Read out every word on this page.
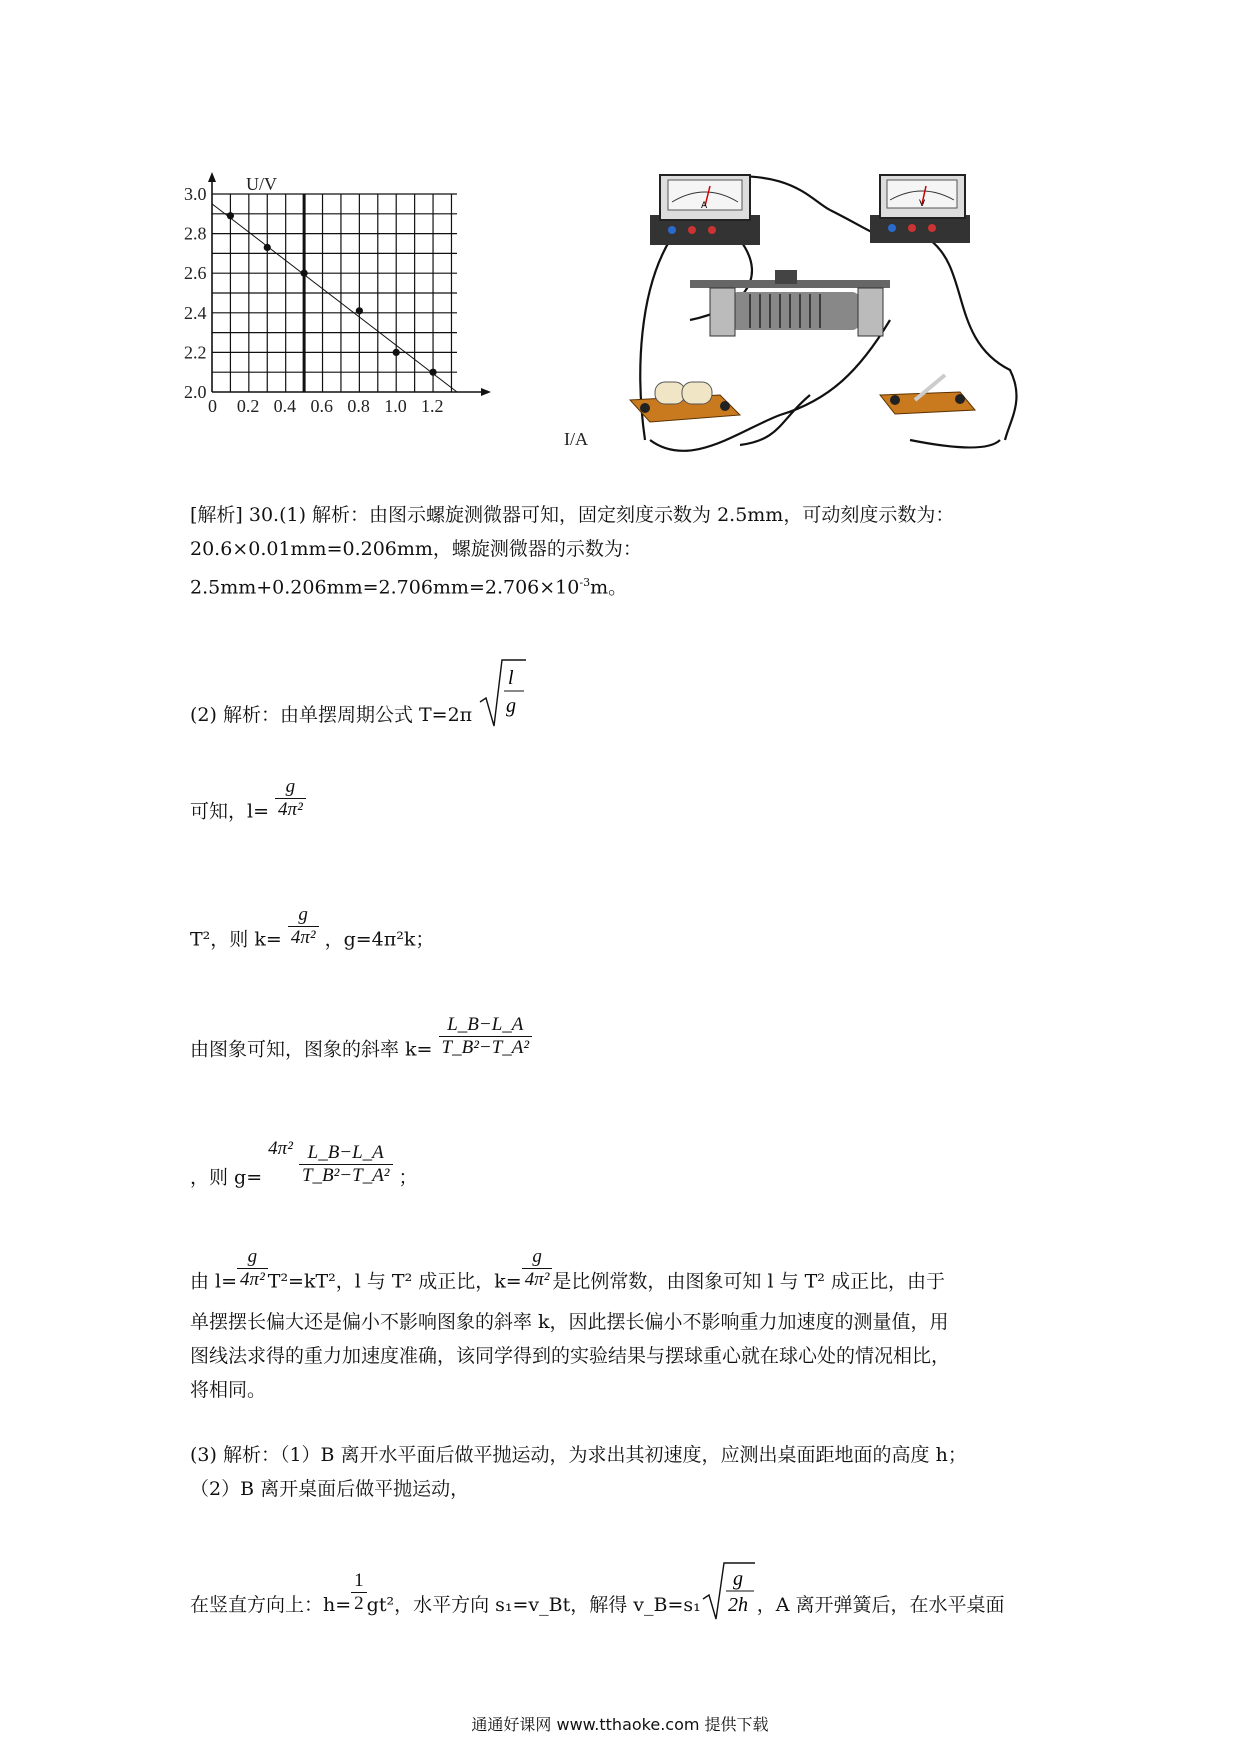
3.0
2.8
2.6
2.4
2.2
2.0
0 0.2 0.4 0.6 0.8 1.0 1.2
U/V
I/A
A	V
[解析] 30.(1) 解析：由图示螺旋测微器可知，固定刻度示数为 2.5mm，可动刻度示数为：
20.6×0.01mm=0.206mm，螺旋测微器的示数为：
$2.5mm+0.206mm=2.706mm=2.706\times 10^{-3}m$。
(2) 解析：由单摆周期公式 T=2π
l
g
可知，$l= \frac{g}{\text{4π²}}$
T²，则 $k= \frac{g}{\text{4π²}}$ ，g=4π²k；
由图象可知，图象的斜率 $k= \frac{L\_B-L\_A}{\text{T\_B²−T\_A²}}$
，则 $g= 4\pi^2 \frac{L\_B-L\_A}{\text{T\_B²−T\_A²}}$ ；
由 $l= \frac{g}{\text{4π²}} T^2=kT^2$，l 与 T² 成正比，$k= \frac{g}{\text{4π²}}$ 是比例常数，由图象可知 l 与 T² 成正比，由于
单摆摆长偏大还是偏小不影响图象的斜率 k，因此摆长偏小不影响重力加速度的测量值，用
图线法求得的重力加速度准确，该同学得到的实验结果与摆球重心就在球心处的情况相比，
将相同。
(3) 解析：（1）B 离开水平面后做平抛运动，为求出其初速度，应测出桌面距地面的高度 h；
（2）B 离开桌面后做平抛运动，
在竖直方向上：$h= \frac{1}{2} gt^2$，水平方向 s₁=v_Bt，解得 v_B=s₁
g
2h ，A 离开弹簧后，在水平桌面
通通好课网 www.tthaoke.com 提供下载
